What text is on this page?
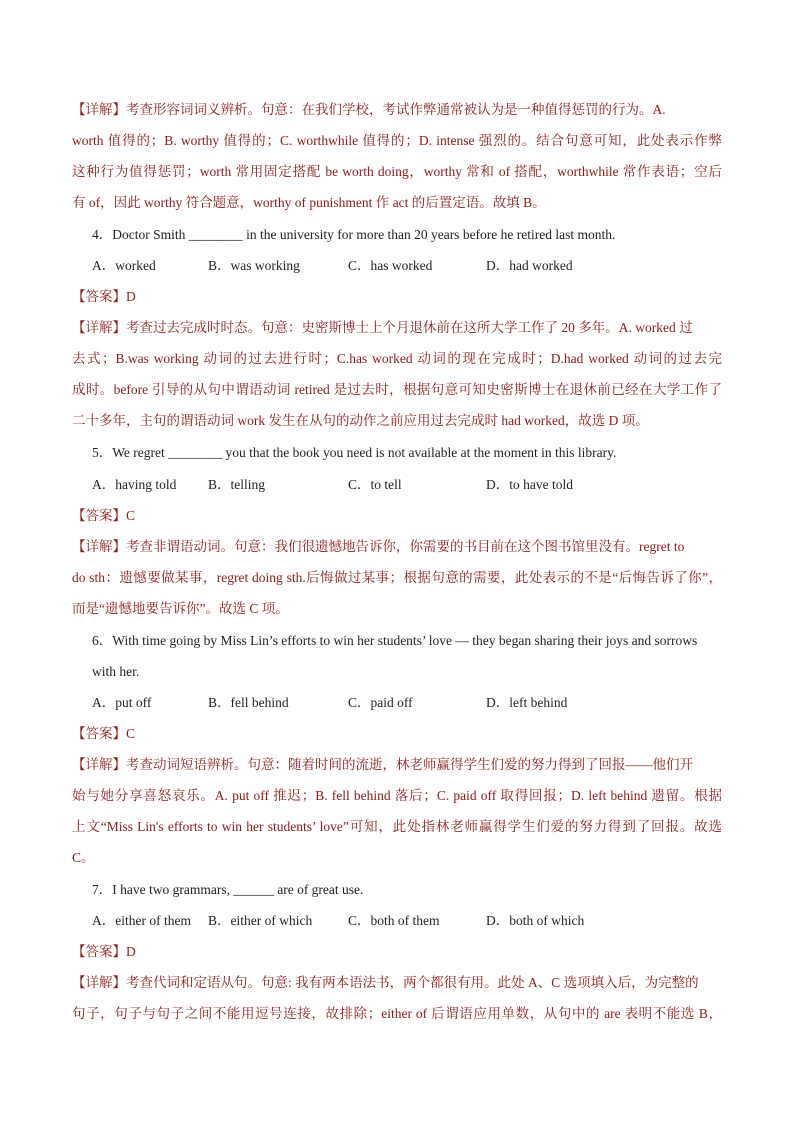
【详解】考查形容词词义辨析。句意：在我们学校，考试作弊通常被认为是一种值得惩罚的行为。A.
worth 值得的；B. worthy 值得的；C. worthwhile 值得的；D. intense 强烈的。结合句意可知，此处表示作弊
这种行为值得惩罚；worth 常用固定搭配 be worth doing，worthy 常和 of 搭配，worthwhile 常作表语；空后
有 of，因此 worthy 符合题意，worthy of punishment 作 act 的后置定语。故填 B。
4．Doctor Smith ________ in the university for more than 20 years before he retired last month.
A．worked	B．was working	C．has worked	D．had worked
【答案】D
【详解】考查过去完成时时态。句意：史密斯博士上个月退休前在这所大学工作了 20 多年。A. worked 过
去式；B.was working 动词的过去进行时；C.has worked 动词的现在完成时；D.had worked 动词的过去完
成时。before 引导的从句中谓语动词 retired 是过去时，根据句意可知史密斯博士在退休前已经在大学工作了
二十多年，主句的谓语动词 work 发生在从句的动作之前应用过去完成时 had worked，故选 D 项。
5．We regret ________ you that the book you need is not available at the moment in this library.
A．having told B．telling	C．to tell	D．to have told
【答案】C
【详解】考查非谓语动词。句意：我们很遗憾地告诉你，你需要的书目前在这个图书馆里没有。regret to
do sth：遗憾要做某事，regret doing sth.后悔做过某事；根据句意的需要，此处表示的不是“后悔告诉了你”，
而是“遗憾地要告诉你”。故选 C 项。
6．With time going by Miss Lin’s efforts to win her students’ love — they began sharing their joys and sorrows
with her.
A．put off	B．fell behind	C．paid off	D．left behind
【答案】C
【详解】考查动词短语辨析。句意：随着时间的流逝，林老师赢得学生们爱的努力得到了回报——他们开
始与她分享喜怒哀乐。A. put off 推迟；B. fell behind 落后；C. paid off 取得回报；D. left behind 遗留。根据
上文“Miss Lin's efforts to win her students’ love”可知，此处指林老师赢得学生们爱的努力得到了回报。故选
C。
7．I have two grammars, ______ are of great use.
A．either of them B．either of which	C．both of them	D．both of which
【答案】D
【详解】考查代词和定语从句。句意: 我有两本语法书，两个都很有用。此处 A、C 选项填入后，为完整的
句子，句子与句子之间不能用逗号连接，故排除；either of 后谓语应用单数，从句中的 are 表明不能选 B，
